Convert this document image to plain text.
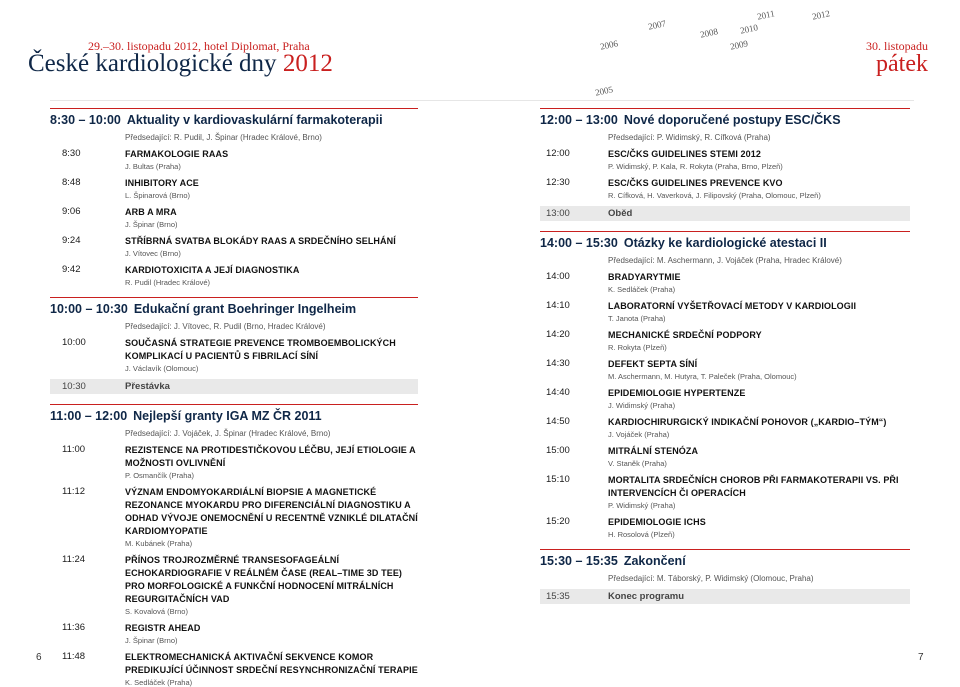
29.–30. listopadu 2012, hotel Diplomat, Praha
České kardiologické dny 2012
30. listopadu
pátek
2005
2006
2007
2008
2009
2010
2011	2012
8:30 – 10:00 Aktuality v kardiovaskulární farmakoterapii
Předsedající: R. Pudil, J. Špinar (Hradec Králové, Brno)
8:30	FARMAKOLOGIE RAAS
J. Bultas (Praha)
8:48	INHIBITORY ACE
L. Špinarová (Brno)
9:06	ARB A MRA
J. Špinar (Brno)
9:24	STŘÍBRNÁ SVATBA BLOKÁDY RAAS A SRDEČNÍHO SELHÁNÍ
J. Vítovec (Brno)
9:42	KARDIOTOXICITA A JEJÍ DIAGNOSTIKA
R. Pudil (Hradec Králové)
10:00 – 10:30 Edukační grant Boehringer Ingelheim
Předsedající: J. Vítovec, R. Pudil (Brno, Hradec Králové)
10:00	SOUČASNÁ STRATEGIE PREVENCE TROMBOEMBOLICKÝCH KOMPLIKACÍ U PACIENTŮ S FIBRILACÍ SÍNÍ
J. Václavík (Olomouc)
10:30	Přestávka
11:00 – 12:00 Nejlepší granty IGA MZ ČR 2011
Předsedající: J. Vojáček, J. Špinar (Hradec Králové, Brno)
11:00	REZISTENCE NA PROTIDESTIČKOVOU LÉČBU, JEJÍ ETIOLOGIE A MOŽNOSTI OVLIVNĚNÍ
P. Osmančík (Praha)
11:12	VÝZNAM ENDOMYOKARDIÁLNÍ BIOPSIE A MAGNETICKÉ REZONANCE MYOKARDU PRO DIFERENCIÁLNÍ DIAGNOSTIKU A ODHAD VÝVOJE ONEMOCNĚNÍ U RECENTNĚ VZNIKLÉ DILATAČNÍ KARDIOMYOPATIE
M. Kubánek (Praha)
11:24	PŘÍNOS TROJROZMĚRNÉ TRANSESOFAGEÁLNÍ ECHOKARDIOGRAFIE V REÁLNÉM ČASE (REAL–TIME 3D TEE) PRO MORFOLOGICKÉ A FUNKČNÍ HODNOCENÍ MITRÁLNÍCH REGURGITAČNÍCH VAD
S. Kovalová (Brno)
11:36	REGISTR AHEAD
J. Špinar (Brno)
11:48	ELEKTROMECHANICKÁ AKTIVAČNÍ SEKVENCE KOMOR PREDIKUJÍCÍ ÚČINNOST SRDEČNÍ RESYNCHRONIZAČNÍ TERAPIE
K. Sedláček (Praha)
12:00 – 13:00 Nové doporučené postupy ESC/ČKS
Předsedající: P. Widimský, R. Cífková (Praha)
12:00	ESC/ČKS GUIDELINES STEMI 2012
P. Widimský, P. Kala, R. Rokyta (Praha, Brno, Plzeň)
12:30	ESC/ČKS GUIDELINES PREVENCE KVO
R. Cífková, H. Vaverková, J. Filipovský (Praha, Olomouc, Plzeň)
13:00	Oběd
14:00 – 15:30 Otázky ke kardiologické atestaci II
Předsedající: M. Aschermann, J. Vojáček (Praha, Hradec Králové)
14:00	BRADYARYTMIE
K. Sedláček (Praha)
14:10	LABORATORNÍ VYŠETŘOVACÍ METODY V KARDIOLOGII
T. Janota (Praha)
14:20	MECHANICKÉ SRDEČNÍ PODPORY
R. Rokyta (Plzeň)
14:30	DEFEKT SEPTA SÍNÍ
M. Aschermann, M. Hutyra, T. Paleček (Praha, Olomouc)
14:40	EPIDEMIOLOGIE HYPERTENZE
J. Widimský (Praha)
14:50	KARDIOCHIRURGICKÝ INDIKAČNÍ POHOVOR („KARDIO–TÝM“)
J. Vojáček (Praha)
15:00	MITRÁLNÍ STENÓZA
V. Staněk (Praha)
15:10	MORTALITA SRDEČNÍCH CHOROB PŘI FARMAKOTERAPII VS. PŘI INTERVENCÍCH ČI OPERACÍCH
P. Widimský (Praha)
15:20	EPIDEMIOLOGIE ICHS
H. Rosolová (Plzeň)
15:30 – 15:35 Zakončení
Předsedající: M. Táborský, P. Widimský (Olomouc, Praha)
15:35	Konec programu
6	7
